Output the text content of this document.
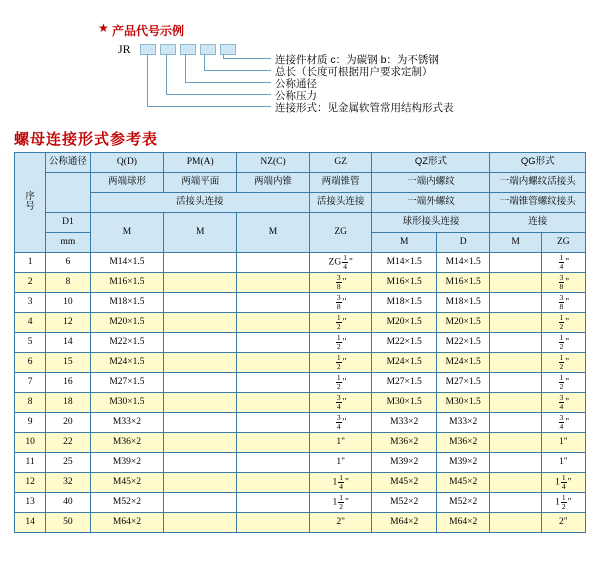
★ 产品代号示例
JR
连接件材质 c：为碳钢 b：为不锈钢
总长（长度可根据用户要求定制）
公称通径
公称压力
连接形式：见金属软管常用结构形式表
螺母连接形式参考表
序号	公称通径	Q(D)	PM(A)	NZ(C)	GZ	QZ形式		QG形式	
		两端球形	两端平面	两端内锥	两端锥管	一端内螺纹		一端内螺纹活接头	
		活接头连接			活接头连接	一端外螺纹		一端锥管螺纹接头	
	D1	M	M	M	ZG	球形接头连接		连接	
	mm					M	D	M	ZG
1	6	M14×1.5			ZG $\frac{1}{4}$ "	M14×1.5	M14×1.5		$\frac{1}{4}$ "
2	8	M16×1.5			$\frac{3}{8}$ "	M16×1.5	M16×1.5		$\frac{3}{8}$ "
3	10	M18×1.5			$\frac{3}{8}$ "	M18×1.5	M18×1.5		$\frac{3}{8}$ "
4	12	M20×1.5			$\frac{1}{2}$ "	M20×1.5	M20×1.5		$\frac{1}{2}$ "
5	14	M22×1.5			$\frac{1}{2}$ "	M22×1.5	M22×1.5		$\frac{1}{2}$ "
6	15	M24×1.5			$\frac{1}{2}$ "	M24×1.5	M24×1.5		$\frac{1}{2}$ "
7	16	M27×1.5			$\frac{1}{2}$ "	M27×1.5	M27×1.5		$\frac{1}{2}$ "
8	18	M30×1.5			$\frac{3}{4}$ "	M30×1.5	M30×1.5		$\frac{3}{4}$ "
9	20	M33×2			$\frac{3}{4}$ "	M33×2	M33×2		$\frac{3}{4}$ "
10	22	M36×2			1"	M36×2	M36×2		1"
11	25	M39×2			1"	M39×2	M39×2		1"
12	32	M45×2			$1 \frac{1}{4}$ "	M45×2	M45×2		$1 \frac{1}{4}$ "
13	40	M52×2			$1 \frac{1}{2}$ "	M52×2	M52×2		$1 \frac{1}{2}$ "
14	50	M64×2			2"	M64×2	M64×2		2"
